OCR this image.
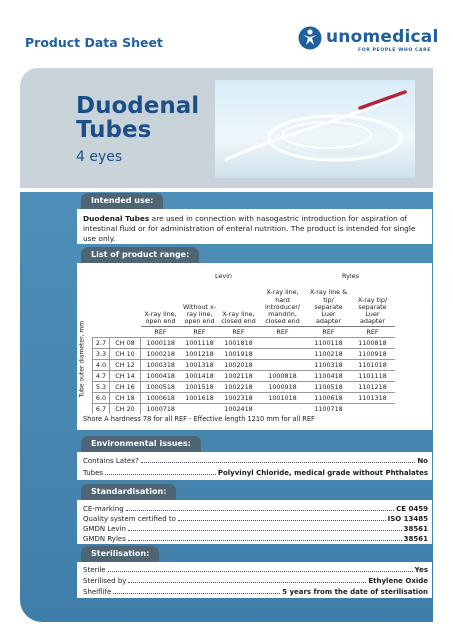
Product Data Sheet	unomedical
FOR PEOPLE WHO CARE
Duodenal
Tubes
4 eyes
Intended use:
Duodenal Tubes are used in connection with nasogastric introduction for aspiration of intestinal fluid or for administration of enteral nutrition. The product is intended for single use only.
List of product range:
Tube outer diameter, mm
		Levin				Ryles	
		X-ray line, open end	Without x-ray line, open end	X-ray line, closed end	X-ray line, hard introducer/ mandrin, closed end	X-ray line & tip/ separate Luer adapter	X-ray tip/ separate Luer adapter
		REF	REF	REF	REF	REF	REF
2.7	CH 08	1000118	1001118	1001818		1100118	1100818
3.3	CH 10	1000218	1001218	1001918		1100218	1100918
4.0	CH 12	1000318	1001318	1002018		1100318	1101018
4.7	CH 14	1000418	1001418	1002118	1000818	1100418	1101118
5.3	CH 16	1000518	1001518	1002218	1000918	1100518	1101218
6.0	CH 18	1000618	1001618	1002318	1001018	1100618	1101318
6.7	CH 20	1000718		1002418		1100718	
Shore A hardness 78 for all REF - Effective length 1210 mm for all REF
Environmental issues:
Contains Latex?	No
Tubes	Polyvinyl Chloride, medical grade without Phthalates
Standardisation:
CE-marking	CE 0459
Quality system certified to	ISO 13485
GMDN Levin	38561
GMDN Ryles	38561
Sterilisation:
Sterile	Yes
Sterilised by	Ethylene Oxide
Shelflife	5 years from the date of sterilisation
